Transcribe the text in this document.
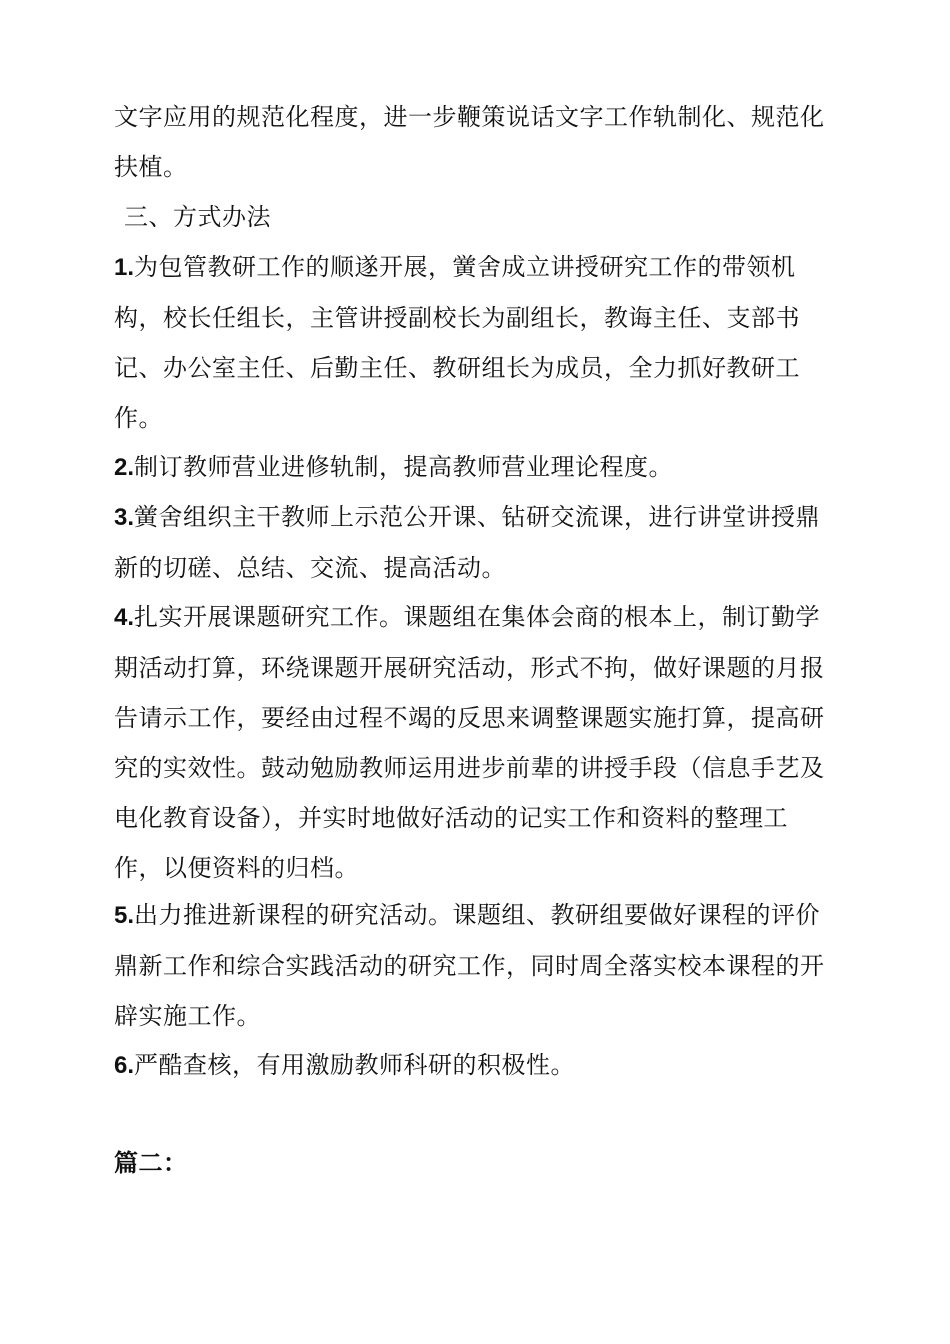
文字应用的规范化程度，进一步鞭策说话文字工作轨制化、规范化扶植。

三、方式办法

1.为包管教研工作的顺遂开展，黉舍成立讲授研究工作的带领机构，校长任组长，主管讲授副校长为副组长，教诲主任、支部书记、办公室主任、后勤主任、教研组长为成员，全力抓好教研工作。

2.制订教师营业进修轨制，提高教师营业理论程度。

3.黉舍组织主干教师上示范公开课、钻研交流课，进行讲堂讲授鼎新的切磋、总结、交流、提高活动。

4.扎实开展课题研究工作。课题组在集体会商的根本上，制订勤学期活动打算，环绕课题开展研究活动，形式不拘，做好课题的月报告请示工作，要经由过程不竭的反思来调整课题实施打算，提高研究的实效性。鼓动勉励教师运用进步前辈的讲授手段（信息手艺及电化教育设备），并实时地做好活动的记实工作和资料的整理工作，以便资料的归档。

5.出力推进新课程的研究活动。课题组、教研组要做好课程的评价鼎新工作和综合实践活动的研究工作，同时周全落实校本课程的开辟实施工作。

6.严酷查核，有用激励教师科研的积极性。

篇二：
